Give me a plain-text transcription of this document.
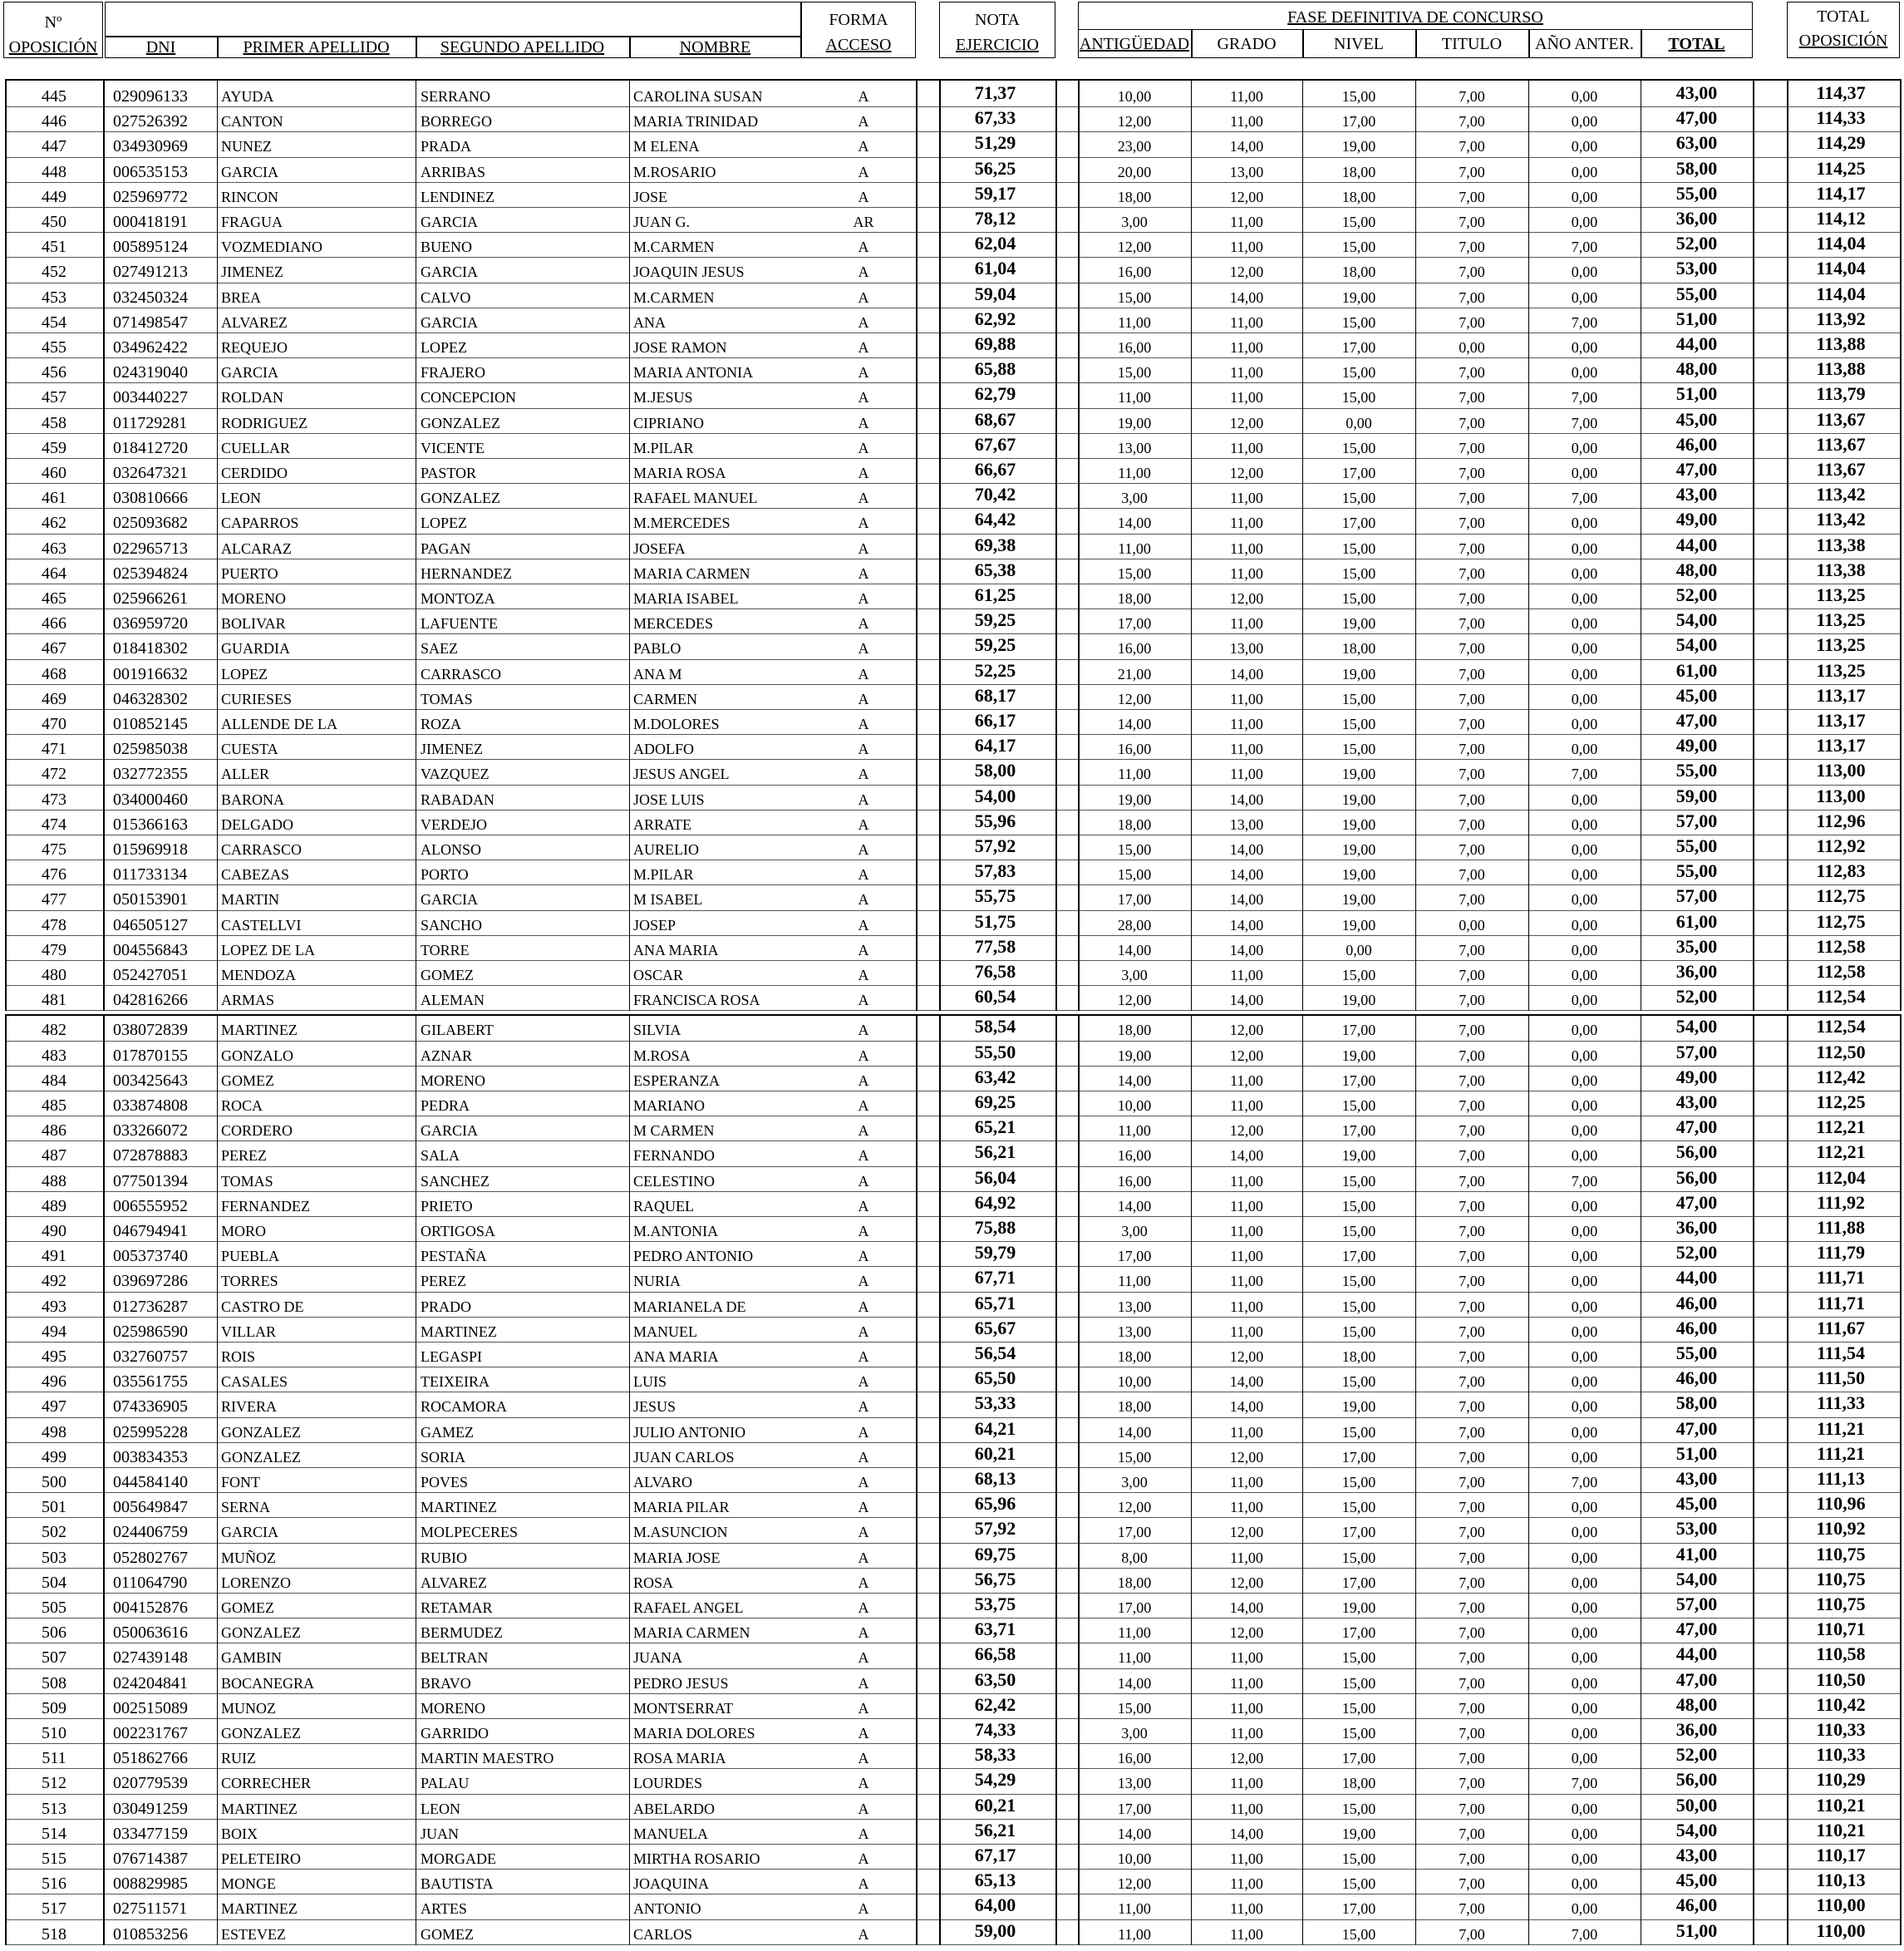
Nº
OPOSICIÓN	DNI	PRIMER APELLIDO	SEGUNDO APELLIDO	NOMBRE
FORMA
ACCESO
NOTA
EJERCICIO
FASE DEFINITIVA DE CONCURSO
ANTIGÜEDAD	GRADO	NIVEL	TITULO	AÑO ANTER.	TOTAL
TOTAL
OPOSICIÓN
445	029096133	AYUDA	SERRANO	CAROLINA SUSAN	A	71,37	10,00	11,00	15,00	7,00	0,00	43,00	114,37
446	027526392	CANTON	BORREGO	MARIA TRINIDAD	A	67,33	12,00	11,00	17,00	7,00	0,00	47,00	114,33
447	034930969	NUNEZ	PRADA	M ELENA	A	51,29	23,00	14,00	19,00	7,00	0,00	63,00	114,29
448	006535153	GARCIA	ARRIBAS	M.ROSARIO	A	56,25	20,00	13,00	18,00	7,00	0,00	58,00	114,25
449	025969772	RINCON	LENDINEZ	JOSE	A	59,17	18,00	12,00	18,00	7,00	0,00	55,00	114,17
450	000418191	FRAGUA	GARCIA	JUAN G.	AR	78,12	3,00	11,00	15,00	7,00	0,00	36,00	114,12
451	005895124	VOZMEDIANO	BUENO	M.CARMEN	A	62,04	12,00	11,00	15,00	7,00	7,00	52,00	114,04
452	027491213	JIMENEZ	GARCIA	JOAQUIN JESUS	A	61,04	16,00	12,00	18,00	7,00	0,00	53,00	114,04
453	032450324	BREA	CALVO	M.CARMEN	A	59,04	15,00	14,00	19,00	7,00	0,00	55,00	114,04
454	071498547	ALVAREZ	GARCIA	ANA	A	62,92	11,00	11,00	15,00	7,00	7,00	51,00	113,92
455	034962422	REQUEJO	LOPEZ	JOSE RAMON	A	69,88	16,00	11,00	17,00	0,00	0,00	44,00	113,88
456	024319040	GARCIA	FRAJERO	MARIA ANTONIA	A	65,88	15,00	11,00	15,00	7,00	0,00	48,00	113,88
457	003440227	ROLDAN	CONCEPCION	M.JESUS	A	62,79	11,00	11,00	15,00	7,00	7,00	51,00	113,79
458	011729281	RODRIGUEZ	GONZALEZ	CIPRIANO	A	68,67	19,00	12,00	0,00	7,00	7,00	45,00	113,67
459	018412720	CUELLAR	VICENTE	M.PILAR	A	67,67	13,00	11,00	15,00	7,00	0,00	46,00	113,67
460	032647321	CERDIDO	PASTOR	MARIA ROSA	A	66,67	11,00	12,00	17,00	7,00	0,00	47,00	113,67
461	030810666	LEON	GONZALEZ	RAFAEL MANUEL	A	70,42	3,00	11,00	15,00	7,00	7,00	43,00	113,42
462	025093682	CAPARROS	LOPEZ	M.MERCEDES	A	64,42	14,00	11,00	17,00	7,00	0,00	49,00	113,42
463	022965713	ALCARAZ	PAGAN	JOSEFA	A	69,38	11,00	11,00	15,00	7,00	0,00	44,00	113,38
464	025394824	PUERTO	HERNANDEZ	MARIA CARMEN	A	65,38	15,00	11,00	15,00	7,00	0,00	48,00	113,38
465	025966261	MORENO	MONTOZA	MARIA ISABEL	A	61,25	18,00	12,00	15,00	7,00	0,00	52,00	113,25
466	036959720	BOLIVAR	LAFUENTE	MERCEDES	A	59,25	17,00	11,00	19,00	7,00	0,00	54,00	113,25
467	018418302	GUARDIA	SAEZ	PABLO	A	59,25	16,00	13,00	18,00	7,00	0,00	54,00	113,25
468	001916632	LOPEZ	CARRASCO	ANA M	A	52,25	21,00	14,00	19,00	7,00	0,00	61,00	113,25
469	046328302	CURIESES	TOMAS	CARMEN	A	68,17	12,00	11,00	15,00	7,00	0,00	45,00	113,17
470	010852145	ALLENDE DE LA	ROZA	M.DOLORES	A	66,17	14,00	11,00	15,00	7,00	0,00	47,00	113,17
471	025985038	CUESTA	JIMENEZ	ADOLFO	A	64,17	16,00	11,00	15,00	7,00	0,00	49,00	113,17
472	032772355	ALLER	VAZQUEZ	JESUS ANGEL	A	58,00	11,00	11,00	19,00	7,00	7,00	55,00	113,00
473	034000460	BARONA	RABADAN	JOSE LUIS	A	54,00	19,00	14,00	19,00	7,00	0,00	59,00	113,00
474	015366163	DELGADO	VERDEJO	ARRATE	A	55,96	18,00	13,00	19,00	7,00	0,00	57,00	112,96
475	015969918	CARRASCO	ALONSO	AURELIO	A	57,92	15,00	14,00	19,00	7,00	0,00	55,00	112,92
476	011733134	CABEZAS	PORTO	M.PILAR	A	57,83	15,00	14,00	19,00	7,00	0,00	55,00	112,83
477	050153901	MARTIN	GARCIA	M ISABEL	A	55,75	17,00	14,00	19,00	7,00	0,00	57,00	112,75
478	046505127	CASTELLVI	SANCHO	JOSEP	A	51,75	28,00	14,00	19,00	0,00	0,00	61,00	112,75
479	004556843	LOPEZ DE LA	TORRE	ANA MARIA	A	77,58	14,00	14,00	0,00	7,00	0,00	35,00	112,58
480	052427051	MENDOZA	GOMEZ	OSCAR	A	76,58	3,00	11,00	15,00	7,00	0,00	36,00	112,58
481	042816266	ARMAS	ALEMAN	FRANCISCA ROSA	A	60,54	12,00	14,00	19,00	7,00	0,00	52,00	112,54
482	038072839	MARTINEZ	GILABERT	SILVIA	A	58,54	18,00	12,00	17,00	7,00	0,00	54,00	112,54
483	017870155	GONZALO	AZNAR	M.ROSA	A	55,50	19,00	12,00	19,00	7,00	0,00	57,00	112,50
484	003425643	GOMEZ	MORENO	ESPERANZA	A	63,42	14,00	11,00	17,00	7,00	0,00	49,00	112,42
485	033874808	ROCA	PEDRA	MARIANO	A	69,25	10,00	11,00	15,00	7,00	0,00	43,00	112,25
486	033266072	CORDERO	GARCIA	M CARMEN	A	65,21	11,00	12,00	17,00	7,00	0,00	47,00	112,21
487	072878883	PEREZ	SALA	FERNANDO	A	56,21	16,00	14,00	19,00	7,00	0,00	56,00	112,21
488	077501394	TOMAS	SANCHEZ	CELESTINO	A	56,04	16,00	11,00	15,00	7,00	7,00	56,00	112,04
489	006555952	FERNANDEZ	PRIETO	RAQUEL	A	64,92	14,00	11,00	15,00	7,00	0,00	47,00	111,92
490	046794941	MORO	ORTIGOSA	M.ANTONIA	A	75,88	3,00	11,00	15,00	7,00	0,00	36,00	111,88
491	005373740	PUEBLA	PESTAÑA	PEDRO ANTONIO	A	59,79	17,00	11,00	17,00	7,00	0,00	52,00	111,79
492	039697286	TORRES	PEREZ	NURIA	A	67,71	11,00	11,00	15,00	7,00	0,00	44,00	111,71
493	012736287	CASTRO DE	PRADO	MARIANELA DE	A	65,71	13,00	11,00	15,00	7,00	0,00	46,00	111,71
494	025986590	VILLAR	MARTINEZ	MANUEL	A	65,67	13,00	11,00	15,00	7,00	0,00	46,00	111,67
495	032760757	ROIS	LEGASPI	ANA MARIA	A	56,54	18,00	12,00	18,00	7,00	0,00	55,00	111,54
496	035561755	CASALES	TEIXEIRA	LUIS	A	65,50	10,00	14,00	15,00	7,00	0,00	46,00	111,50
497	074336905	RIVERA	ROCAMORA	JESUS	A	53,33	18,00	14,00	19,00	7,00	0,00	58,00	111,33
498	025995228	GONZALEZ	GAMEZ	JULIO ANTONIO	A	64,21	14,00	11,00	15,00	7,00	0,00	47,00	111,21
499	003834353	GONZALEZ	SORIA	JUAN CARLOS	A	60,21	15,00	12,00	17,00	7,00	0,00	51,00	111,21
500	044584140	FONT	POVES	ALVARO	A	68,13	3,00	11,00	15,00	7,00	7,00	43,00	111,13
501	005649847	SERNA	MARTINEZ	MARIA PILAR	A	65,96	12,00	11,00	15,00	7,00	0,00	45,00	110,96
502	024406759	GARCIA	MOLPECERES	M.ASUNCION	A	57,92	17,00	12,00	17,00	7,00	0,00	53,00	110,92
503	052802767	MUÑOZ	RUBIO	MARIA JOSE	A	69,75	8,00	11,00	15,00	7,00	0,00	41,00	110,75
504	011064790	LORENZO	ALVAREZ	ROSA	A	56,75	18,00	12,00	17,00	7,00	0,00	54,00	110,75
505	004152876	GOMEZ	RETAMAR	RAFAEL ANGEL	A	53,75	17,00	14,00	19,00	7,00	0,00	57,00	110,75
506	050063616	GONZALEZ	BERMUDEZ	MARIA CARMEN	A	63,71	11,00	12,00	17,00	7,00	0,00	47,00	110,71
507	027439148	GAMBIN	BELTRAN	JUANA	A	66,58	11,00	11,00	15,00	7,00	0,00	44,00	110,58
508	024204841	BOCANEGRA	BRAVO	PEDRO JESUS	A	63,50	14,00	11,00	15,00	7,00	0,00	47,00	110,50
509	002515089	MUNOZ	MORENO	MONTSERRAT	A	62,42	15,00	11,00	15,00	7,00	0,00	48,00	110,42
510	002231767	GONZALEZ	GARRIDO	MARIA DOLORES	A	74,33	3,00	11,00	15,00	7,00	0,00	36,00	110,33
511	051862766	RUIZ	MARTIN MAESTRO	ROSA MARIA	A	58,33	16,00	12,00	17,00	7,00	0,00	52,00	110,33
512	020779539	CORRECHER	PALAU	LOURDES	A	54,29	13,00	11,00	18,00	7,00	7,00	56,00	110,29
513	030491259	MARTINEZ	LEON	ABELARDO	A	60,21	17,00	11,00	15,00	7,00	0,00	50,00	110,21
514	033477159	BOIX	JUAN	MANUELA	A	56,21	14,00	14,00	19,00	7,00	0,00	54,00	110,21
515	076714387	PELETEIRO	MORGADE	MIRTHA ROSARIO	A	67,17	10,00	11,00	15,00	7,00	0,00	43,00	110,17
516	008829985	MONGE	BAUTISTA	JOAQUINA	A	65,13	12,00	11,00	15,00	7,00	0,00	45,00	110,13
517	027511571	MARTINEZ	ARTES	ANTONIO	A	64,00	11,00	11,00	17,00	7,00	0,00	46,00	110,00
518	010853256	ESTEVEZ	GOMEZ	CARLOS	A	59,00	11,00	11,00	15,00	7,00	7,00	51,00	110,00
